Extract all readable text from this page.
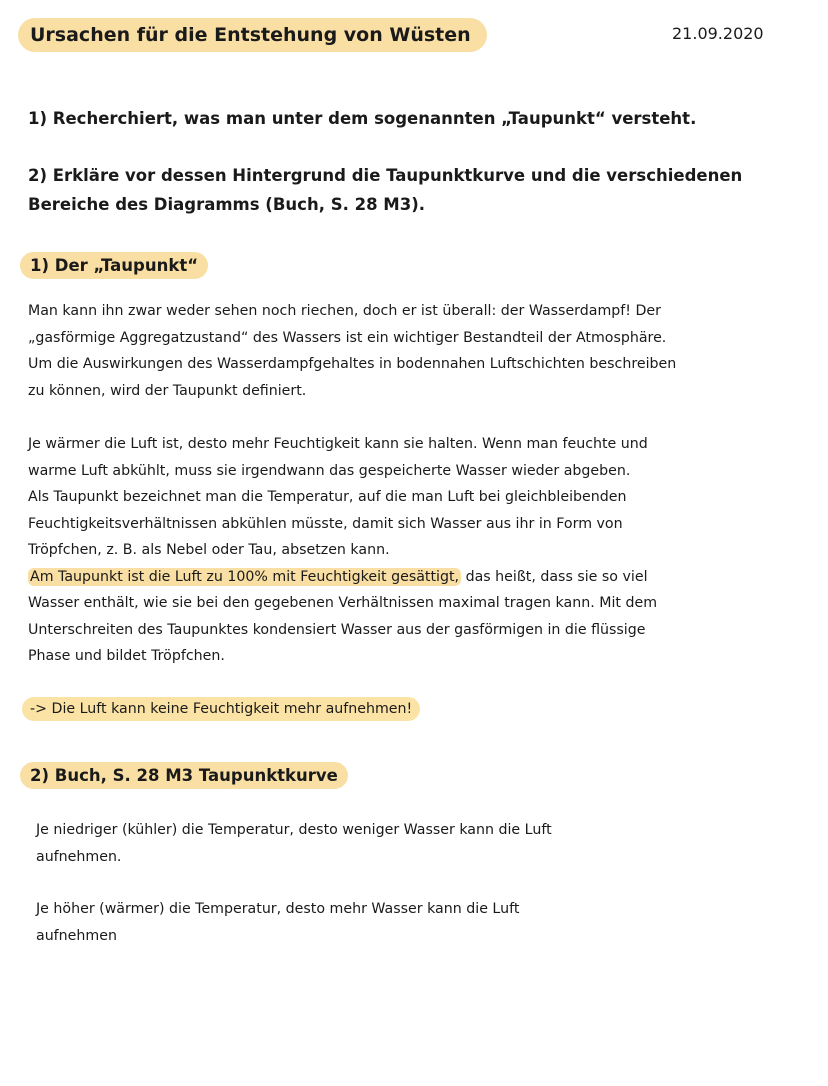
Ursachen für die Entstehung von Wüsten	21.09.2020
1) Recherchiert, was man unter dem sogenannten „Taupunkt“ versteht.
2) Erkläre vor dessen Hintergrund die Taupunktkurve und die verschiedenen
Bereiche des Diagramms (Buch, S. 28 M3).
1) Der „Taupunkt“

Man kann ihn zwar weder sehen noch riechen, doch er ist überall: der Wasserdampf! Der

„gasförmige Aggregatzustand“ des Wassers ist ein wichtiger Bestandteil der Atmosphäre.

Um die Auswirkungen des Wasserdampfgehaltes in bodennahen Luftschichten beschreiben

zu können, wird der Taupunkt definiert.

Je wärmer die Luft ist, desto mehr Feuchtigkeit kann sie halten. Wenn man feuchte und

warme Luft abkühlt, muss sie irgendwann das gespeicherte Wasser wieder abgeben.

Als Taupunkt bezeichnet man die Temperatur, auf die man Luft bei gleichbleibenden

Feuchtigkeitsverhältnissen abkühlen müsste, damit sich Wasser aus ihr in Form von

Tröpfchen, z. B. als Nebel oder Tau, absetzen kann.

Am Taupunkt ist die Luft zu 100% mit Feuchtigkeit gesättigt, das heißt, dass sie so viel

Wasser enthält, wie sie bei den gegebenen Verhältnissen maximal tragen kann. Mit dem

Unterschreiten des Taupunktes kondensiert Wasser aus der gasförmigen in die flüssige

Phase und bildet Tröpfchen.

-> Die Luft kann keine Feuchtigkeit mehr aufnehmen!
2) Buch, S. 28 M3 Taupunktkurve

Je niedriger (kühler) die Temperatur, desto weniger Wasser kann die Luft

aufnehmen.

Je höher (wärmer) die Temperatur, desto mehr Wasser kann die Luft

aufnehmen
